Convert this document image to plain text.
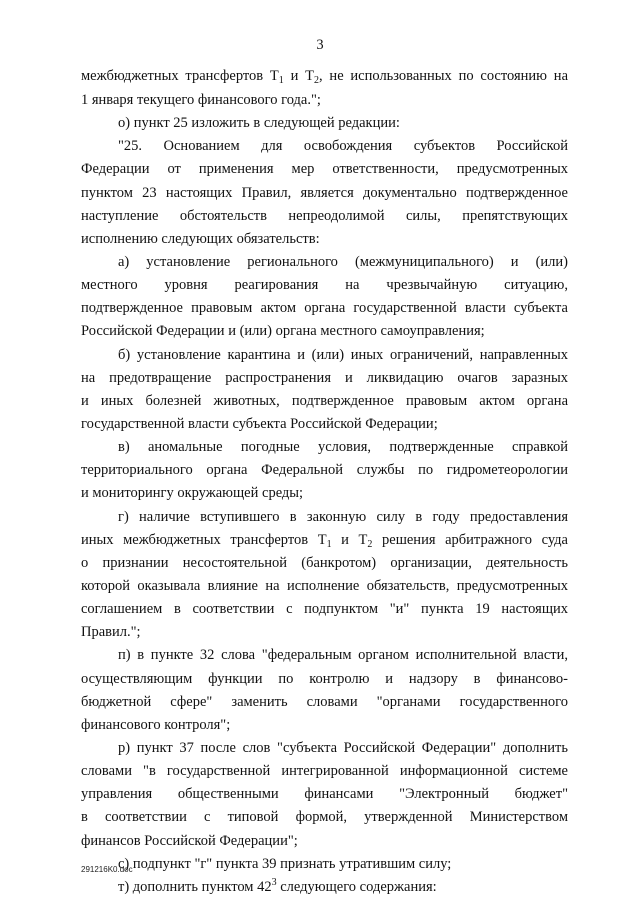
3
межбюджетных трансфертов $Т_1$ и $Т_2$, не использованных по состоянию на
1 января текущего финансового года.";
о) пункт 25 изложить в следующей редакции:
"25. Основанием для освобождения субъектов Российской
Федерации от применения мер ответственности, предусмотренных
пунктом 23 настоящих Правил, является документально подтвержденное
наступление обстоятельств непреодолимой силы, препятствующих
исполнению следующих обязательств:
а) установление регионального (межмуниципального) и (или)
местного уровня реагирования на чрезвычайную ситуацию,
подтвержденное правовым актом органа государственной власти субъекта
Российской Федерации и (или) органа местного самоуправления;
б) установление карантина и (или) иных ограничений, направленных
на предотвращение распространения и ликвидацию очагов заразных
и иных болезней животных, подтвержденное правовым актом органа
государственной власти субъекта Российской Федерации;
в) аномальные погодные условия, подтвержденные справкой
территориального органа Федеральной службы по гидрометеорологии
и мониторингу окружающей среды;
г) наличие вступившего в законную силу в году предоставления
иных межбюджетных трансфертов $Т_1$ и $Т_2$ решения арбитражного суда
о признании несостоятельной (банкротом) организации, деятельность
которой оказывала влияние на исполнение обязательств, предусмотренных
соглашением в соответствии с подпунктом "и" пункта 19 настоящих
Правил.";
п) в пункте 32 слова "федеральным органом исполнительной власти,
осуществляющим функции по контролю и надзору в финансово-
бюджетной сфере" заменить словами "органами государственного
финансового контроля";
р) пункт 37 после слов "субъекта Российской Федерации" дополнить
словами "в государственной интегрированной информационной системе
управления общественными финансами "Электронный бюджет"
в соответствии с типовой формой, утвержденной Министерством
финансов Российской Федерации";
с) подпункт "г" пункта 39 признать утратившим силу;
т) дополнить пунктом $42^3$ следующего содержания:
291216K0.doc
